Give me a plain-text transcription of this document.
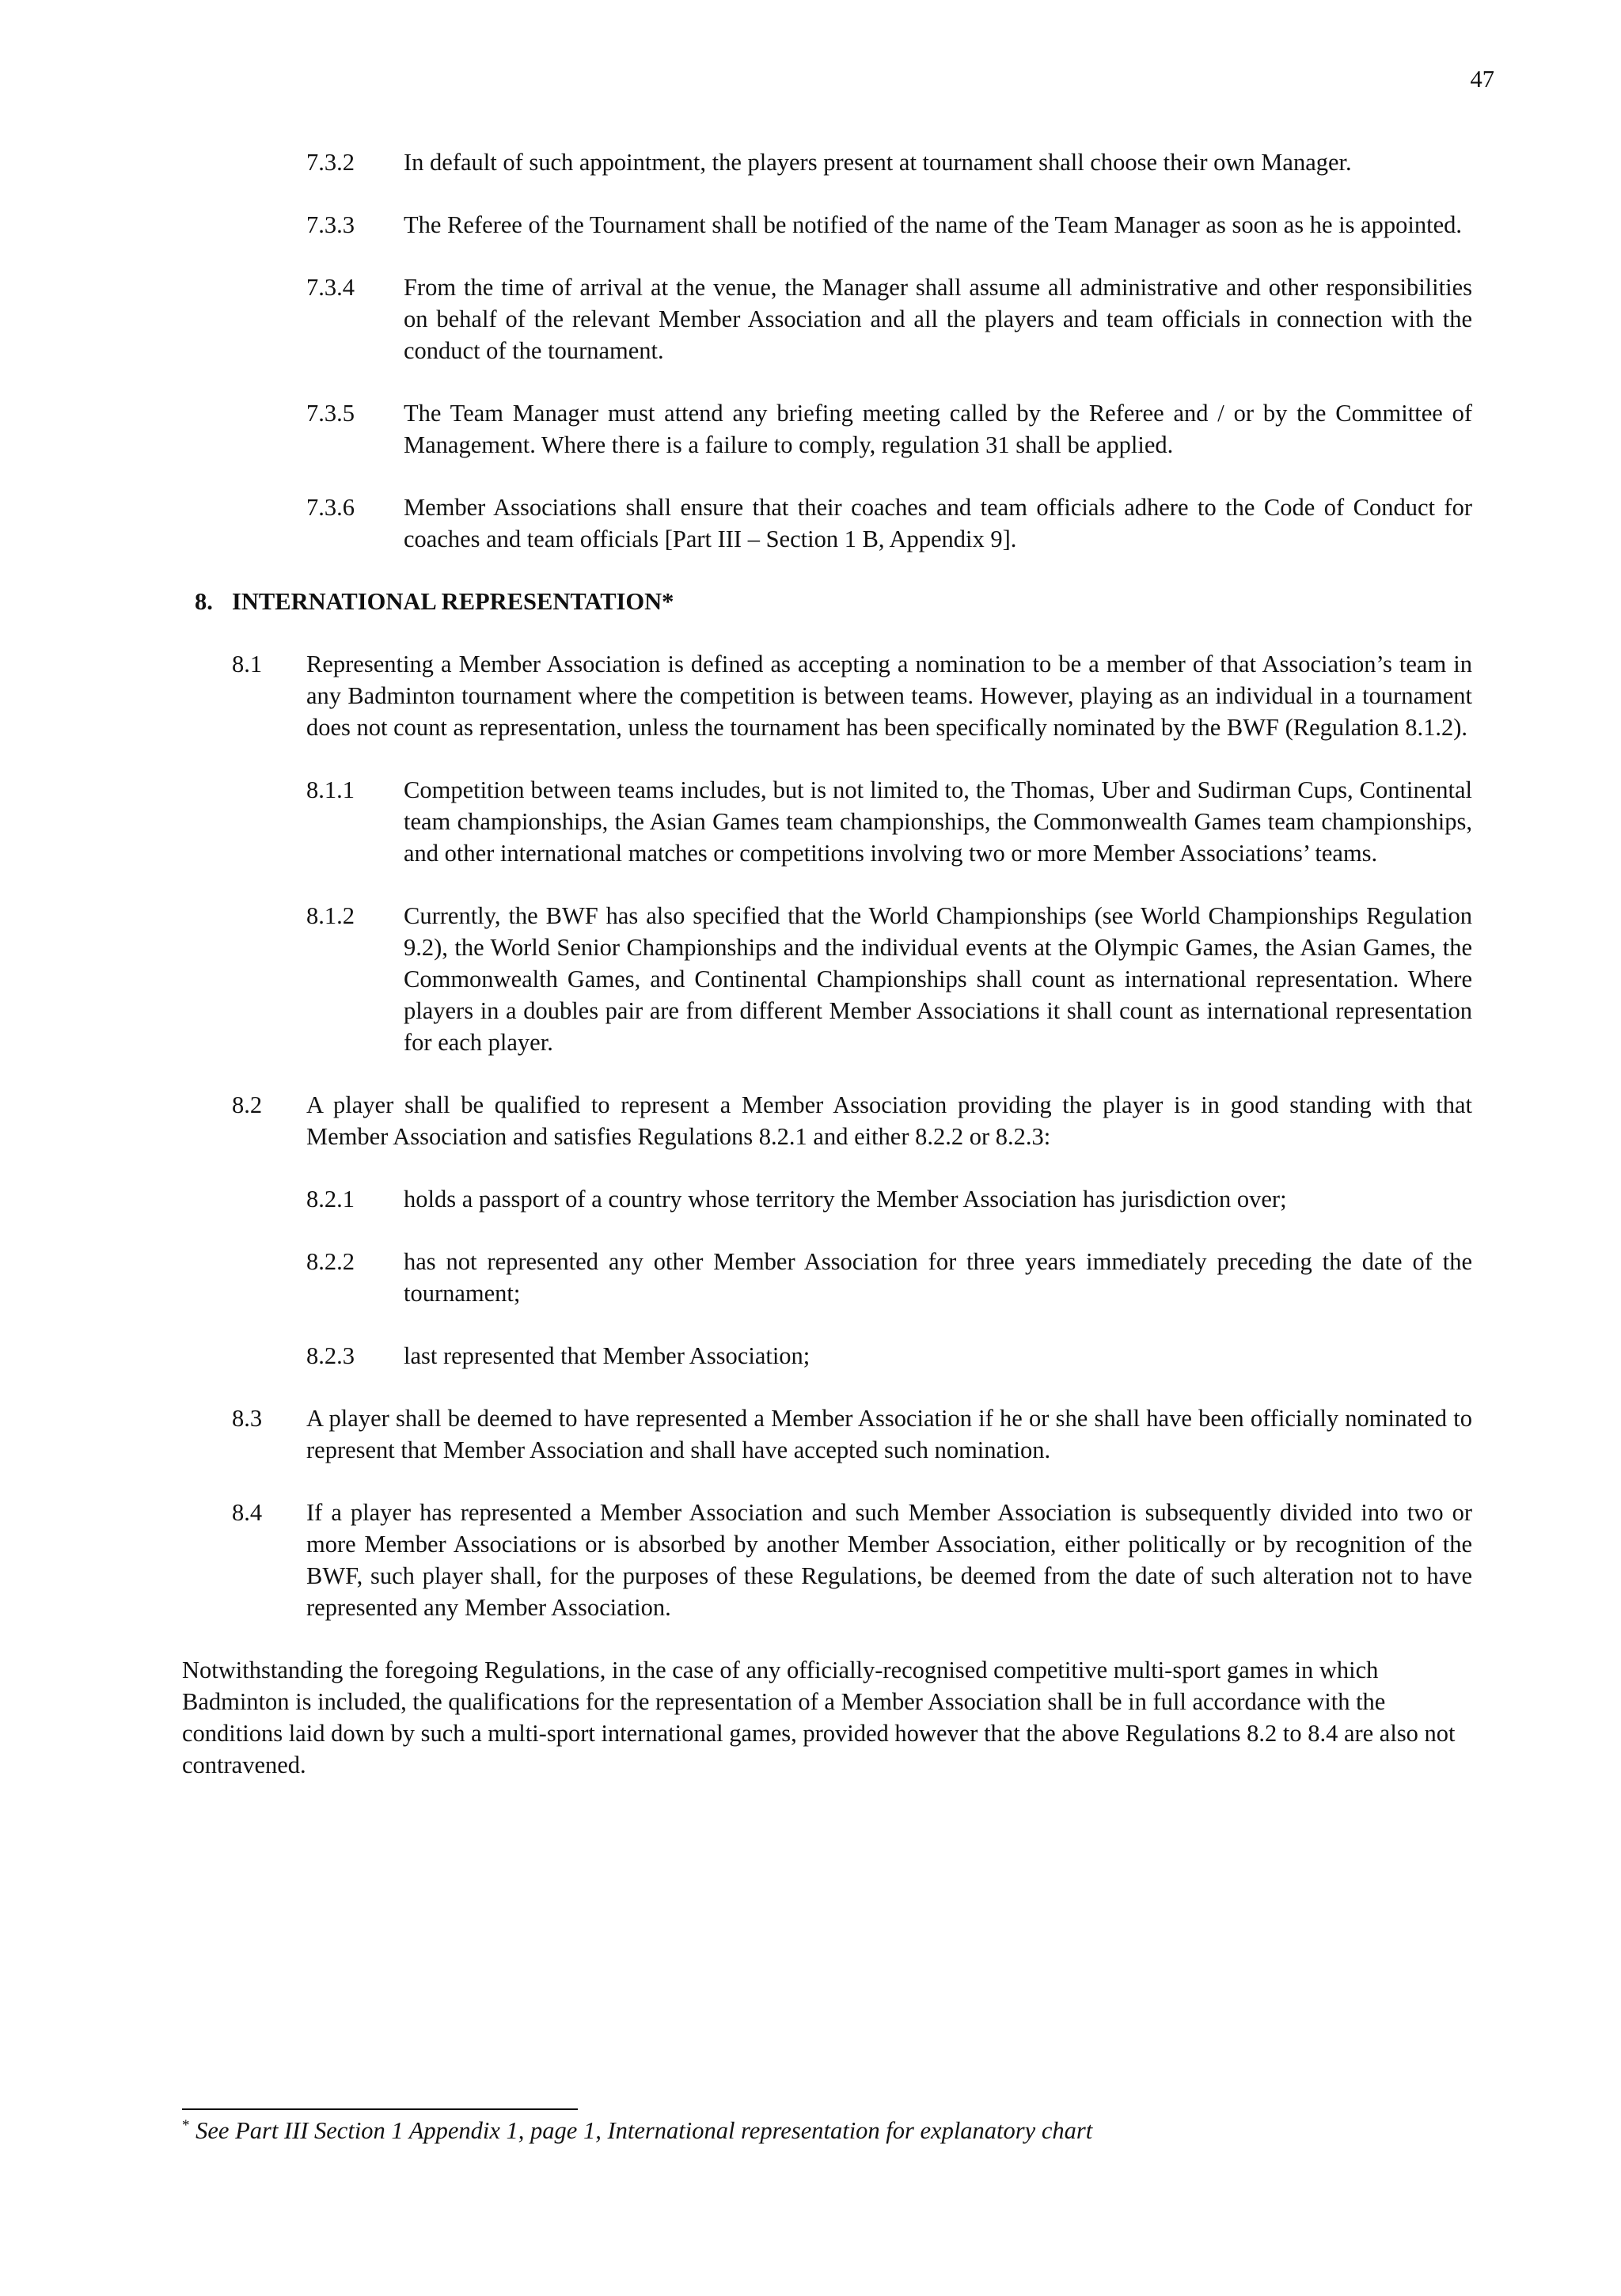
47
7.3.2 In default of such appointment, the players present at tournament shall choose their own Manager.
7.3.3 The Referee of the Tournament shall be notified of the name of the Team Manager as soon as he is appointed.
7.3.4 From the time of arrival at the venue, the Manager shall assume all administrative and other responsibilities on behalf of the relevant Member Association and all the players and team officials in connection with the conduct of the tournament.
7.3.5 The Team Manager must attend any briefing meeting called by the Referee and / or by the Committee of Management. Where there is a failure to comply, regulation 31 shall be applied.
7.3.6 Member Associations shall ensure that their coaches and team officials adhere to the Code of Conduct for coaches and team officials [Part III – Section 1 B, Appendix 9].
8. INTERNATIONAL REPRESENTATION*
8.1 Representing a Member Association is defined as accepting a nomination to be a member of that Association’s team in any Badminton tournament where the competition is between teams. However, playing as an individual in a tournament does not count as representation, unless the tournament has been specifically nominated by the BWF (Regulation 8.1.2).
8.1.1 Competition between teams includes, but is not limited to, the Thomas, Uber and Sudirman Cups, Continental team championships, the Asian Games team championships, the Commonwealth Games team championships, and other international matches or competitions involving two or more Member Associations’ teams.
8.1.2 Currently, the BWF has also specified that the World Championships (see World Championships Regulation 9.2), the World Senior Championships and the individual events at the Olympic Games, the Asian Games, the Commonwealth Games, and Continental Championships shall count as international representation. Where players in a doubles pair are from different Member Associations it shall count as international representation for each player.
8.2 A player shall be qualified to represent a Member Association providing the player is in good standing with that Member Association and satisfies Regulations 8.2.1 and either 8.2.2 or 8.2.3:
8.2.1 holds a passport of a country whose territory the Member Association has jurisdiction over;
8.2.2 has not represented any other Member Association for three years immediately preceding the date of the tournament;
8.2.3 last represented that Member Association;
8.3 A player shall be deemed to have represented a Member Association if he or she shall have been officially nominated to represent that Member Association and shall have accepted such nomination.
8.4 If a player has represented a Member Association and such Member Association is subsequently divided into two or more Member Associations or is absorbed by another Member Association, either politically or by recognition of the BWF, such player shall, for the purposes of these Regulations, be deemed from the date of such alteration not to have represented any Member Association.
Notwithstanding the foregoing Regulations, in the case of any officially-recognised competitive multi-sport games in which Badminton is included, the qualifications for the representation of a Member Association shall be in full accordance with the conditions laid down by such a multi-sport international games, provided however that the above Regulations 8.2 to 8.4 are also not contravened.
* See Part III Section 1 Appendix 1, page 1, International representation for explanatory chart
